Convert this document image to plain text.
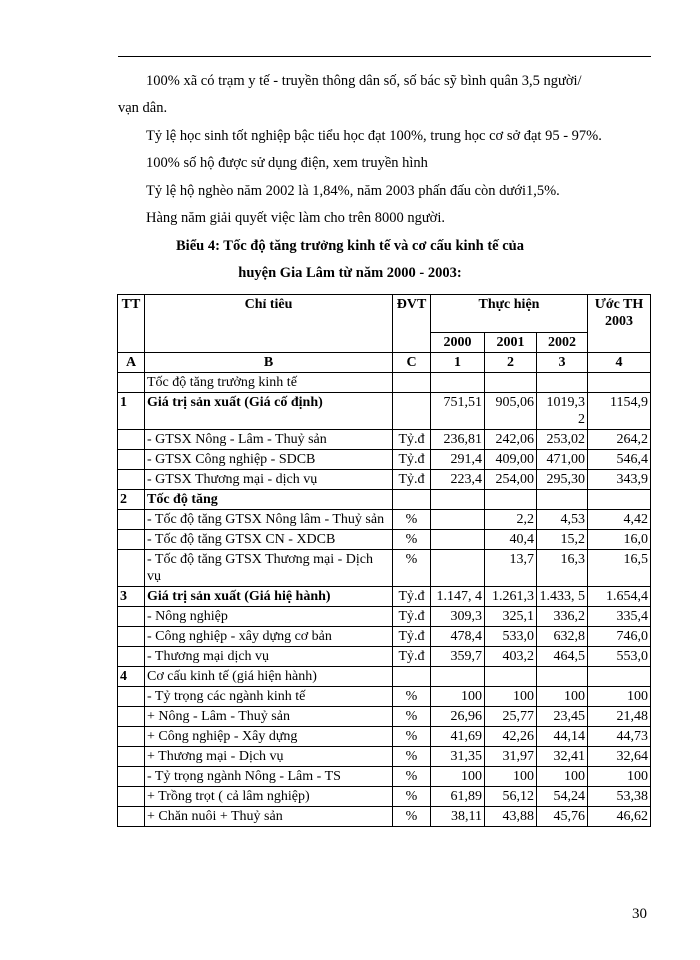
100% xã có trạm y tế - truyền thông dân số, số bác sỹ bình quân 3,5 người/
vạn dân.
Tỷ lệ học sinh tốt nghiệp bậc tiểu học đạt 100%, trung học cơ sở đạt 95 - 97%.
100% số hộ được sử dụng điện, xem truyền hình
Tỷ lệ hộ nghèo năm 2002 là 1,84%, năm 2003 phấn đấu còn dưới1,5%.
Hàng năm giải quyết việc làm cho trên 8000 người.
Biểu 4: Tốc độ tăng trưởng kinh tế và cơ cấu kinh tế của
huyện Gia Lâm từ năm 2000 - 2003:
TT	Chỉ tiêu	ĐVT	Thực hiện			Ước TH 2003
			2000	2001	2002	
A	B	C	1	2	3	4
	Tốc độ tăng trưởng kinh tế					
1	Giá trị sản xuất (Giá cố định)		751,51	905,06	1019,3 2	1154,9
	- GTSX Nông - Lâm - Thuỷ sản	Tỷ.đ	236,81	242,06	253,02	264,2
	- GTSX Công nghiệp - SDCB	Tỷ.đ	291,4	409,00	471,00	546,4
	- GTSX Thương mại - dịch vụ	Tỷ.đ	223,4	254,00	295,30	343,9
2	Tốc độ tăng					
	- Tốc độ tăng GTSX Nông lâm - Thuỷ sản	%		2,2	4,53	4,42
	- Tốc độ tăng GTSX CN - XDCB	%		40,4	15,2	16,0
	- Tốc độ tăng GTSX Thương mại - Dịch vụ	%		13,7	16,3	16,5
3	Giá trị sản xuất (Giá hiệ hành)	Tỷ.đ	1.147, 4	1.261,3	1.433, 5	1.654,4
	- Nông nghiệp	Tỷ.đ	309,3	325,1	336,2	335,4
	- Công nghiệp - xây dựng cơ bản	Tỷ.đ	478,4	533,0	632,8	746,0
	- Thương mại dịch vụ	Tỷ.đ	359,7	403,2	464,5	553,0
4	Cơ cấu kinh tế (giá hiện hành)					
	- Tỷ trọng các ngành kinh tế	%	100	100	100	100
	+ Nông - Lâm - Thuỷ sản	%	26,96	25,77	23,45	21,48
	+ Công nghiệp - Xây dựng	%	41,69	42,26	44,14	44,73
	+ Thương mại - Dịch vụ	%	31,35	31,97	32,41	32,64
	- Tỷ trọng ngành Nông - Lâm - TS	%	100	100	100	100
	+ Trồng trọt ( cả lâm nghiệp)	%	61,89	56,12	54,24	53,38
	+ Chăn nuôi + Thuỷ sản	%	38,11	43,88	45,76	46,62
30
